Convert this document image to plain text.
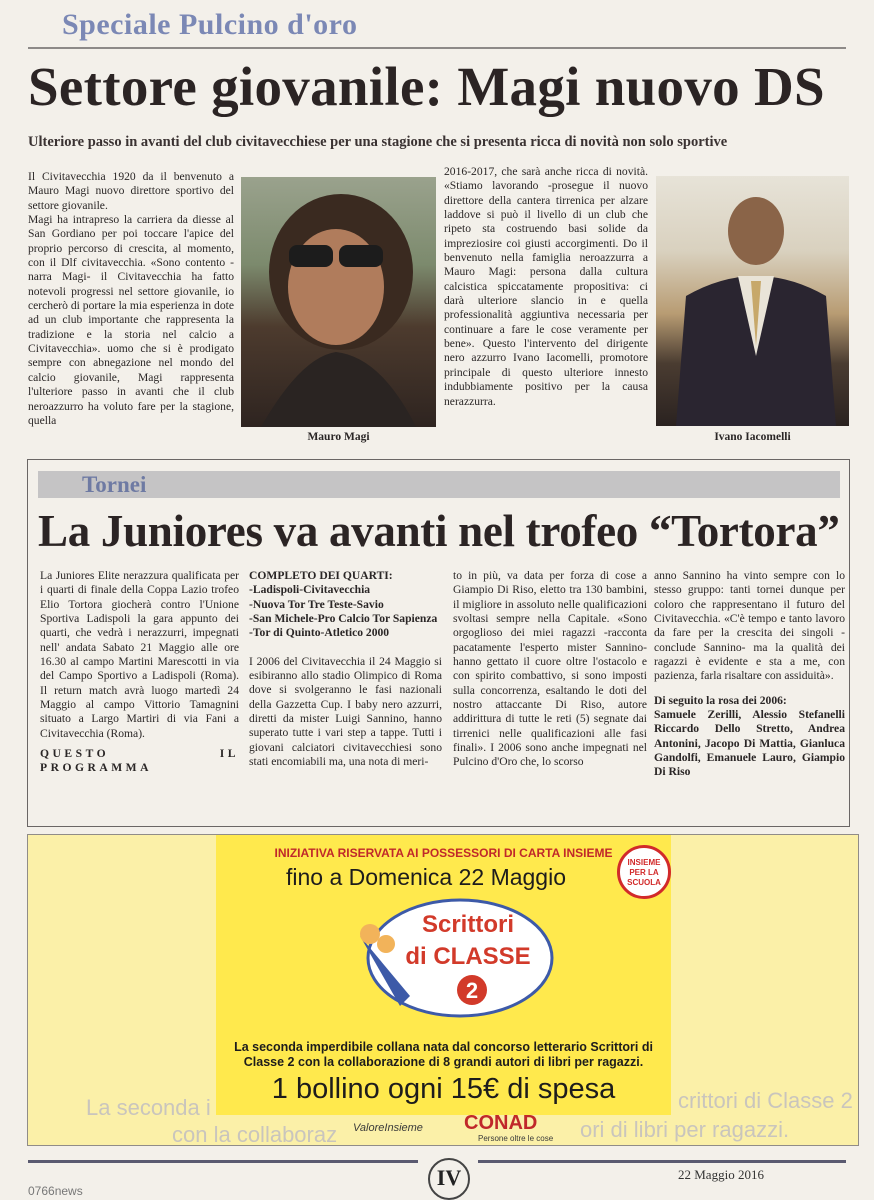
Speciale Pulcino d'oro
Settore giovanile: Magi nuovo DS
Ulteriore passo in avanti del club civitavecchiese per una stagione che si presenta ricca di novità non solo sportive

Il Civitavecchia 1920 da il benvenuto a Mauro Magi nuovo direttore sportivo del settore giovanile.

Magi ha intrapreso la carriera da diesse al San Gordiano per poi toccare l'apice del proprio percorso di crescita, al momento, con il Dlf civitavecchia. «Sono contento -narra Magi- il Civitavecchia ha fatto notevoli progressi nel settore giovanile, io cercherò di portare la mia esperienza in dote ad un club importante che rappresenta la tradizione e la storia nel calcio a Civitavecchia». uomo che si è prodigato sempre con abnegazione nel mondo del calcio giovanile, Magi rappresenta l'ulteriore passo in avanti che il club neroazzurro ha voluto fare per la stagione, quella

Mauro Magi
2016-2017, che sarà anche ricca di novità. «Stiamo lavorando -prosegue il nuovo direttore della cantera tirrenica per alzare laddove si può il livello di un club che ripeto sta costruendo basi solide da impreziosire coi giusti accorgimenti. Do il benvenuto nella famiglia neroazzurra a Mauro Magi: persona dalla cultura calcistica spiccatamente propositiva: ci darà ulteriore slancio in e quella professionalità aggiuntiva necessaria per continuare a fare le cose veramente per bene». Questo l'intervento del dirigente nero azzurro Ivano Iacomelli, promotore principale di questo ulteriore innesto indubbiamente positivo per la causa nerazzurra.
Ivano Iacomelli
Tornei
La Juniores va avanti nel trofeo “Tortora”

La Juniores Elite nerazzura qualificata per i quarti di finale della Coppa Lazio trofeo Elio Tortora giocherà contro l'Unione Sportiva Ladispoli la gara appunto dei quarti, che vedrà i nerazzurri, impegnati nell' andata Sabato 21 Maggio alle ore 16.30 al campo Martini Marescotti in via del Campo Sportivo a Ladispoli (Roma). Il return match avrà luogo martedì 24 Maggio al campo Vittorio Tamagnini situato a Largo Martiri di via Fani a Civitavecchia (Roma).

QUESTO IL PROGRAMMA

COMPLETO DEI QUARTI:

-Ladispoli-Civitavecchia

-Nuova Tor Tre Teste-Savio

-San Michele-Pro Calcio Tor Sapienza

-Tor di Quinto-Atletico 2000

I 2006 del Civitavecchia il 24 Maggio si esibiranno allo stadio Olimpico di Roma dove si svolgeranno le fasi nazionali della Gazzetta Cup. I baby nero azzurri, diretti da mister Luigi Sannino, hanno superato tutte i vari step a tappe. Tutti i giovani calciatori civitavecchiesi sono stati encomiabili ma, una nota di meri-

to in più, va data per forza di cose a Giampio Di Riso, eletto tra 130 bambini, il migliore in assoluto nelle qualificazioni svoltasi sempre nella Capitale. «Sono orgoglioso dei miei ragazzi -racconta pacatamente l'esperto mister Sannino- hanno gettato il cuore oltre l'ostacolo e con spirito combattivo, si sono imposti sulla concorrenza, esaltando le doti del nostro attaccante Di Riso, autore addirittura di tutte le reti (5) segnate dai tirrenici nelle qualificazioni alle fasi finali». I 2006 sono anche impegnati nel Pulcino d'Oro che, lo scorso

anno Sannino ha vinto sempre con lo stesso gruppo: tanti tornei dunque per coloro che rappresentano il futuro del Civitavecchia. «C'è tempo e tanto lavoro da fare per la crescita dei singoli -conclude Sannino- ma la qualità dei ragazzi è evidente e sta a me, con pazienza, farla risaltare con assiduità».

Di seguito la rosa dei 2006:

Samuele Zerilli, Alessio Stefanelli Riccardo Dello Stretto, Andrea Antonini, Jacopo Di Mattia, Gianluca Gandolfi, Emanuele Lauro, Giampio Di Riso

La seconda i
con la collaboraz
crittori di Classe 2
ori di libri per ragazzi.
INIZIATIVA RISERVATA AI POSSESSORI DI CARTA INSIEME
fino a Domenica 22 Maggio
INSIEME PER LA SCUOLA
Scrittori
di CLASSE
2
La seconda imperdibile collana nata dal concorso letterario Scrittori di Classe 2 con la collaborazione di 8 grandi autori di libri per ragazzi.
1 bollino ogni 15€ di spesa
ValoreInsieme CONAD
Persone oltre le cose
0766news
IV	22 Maggio 2016
